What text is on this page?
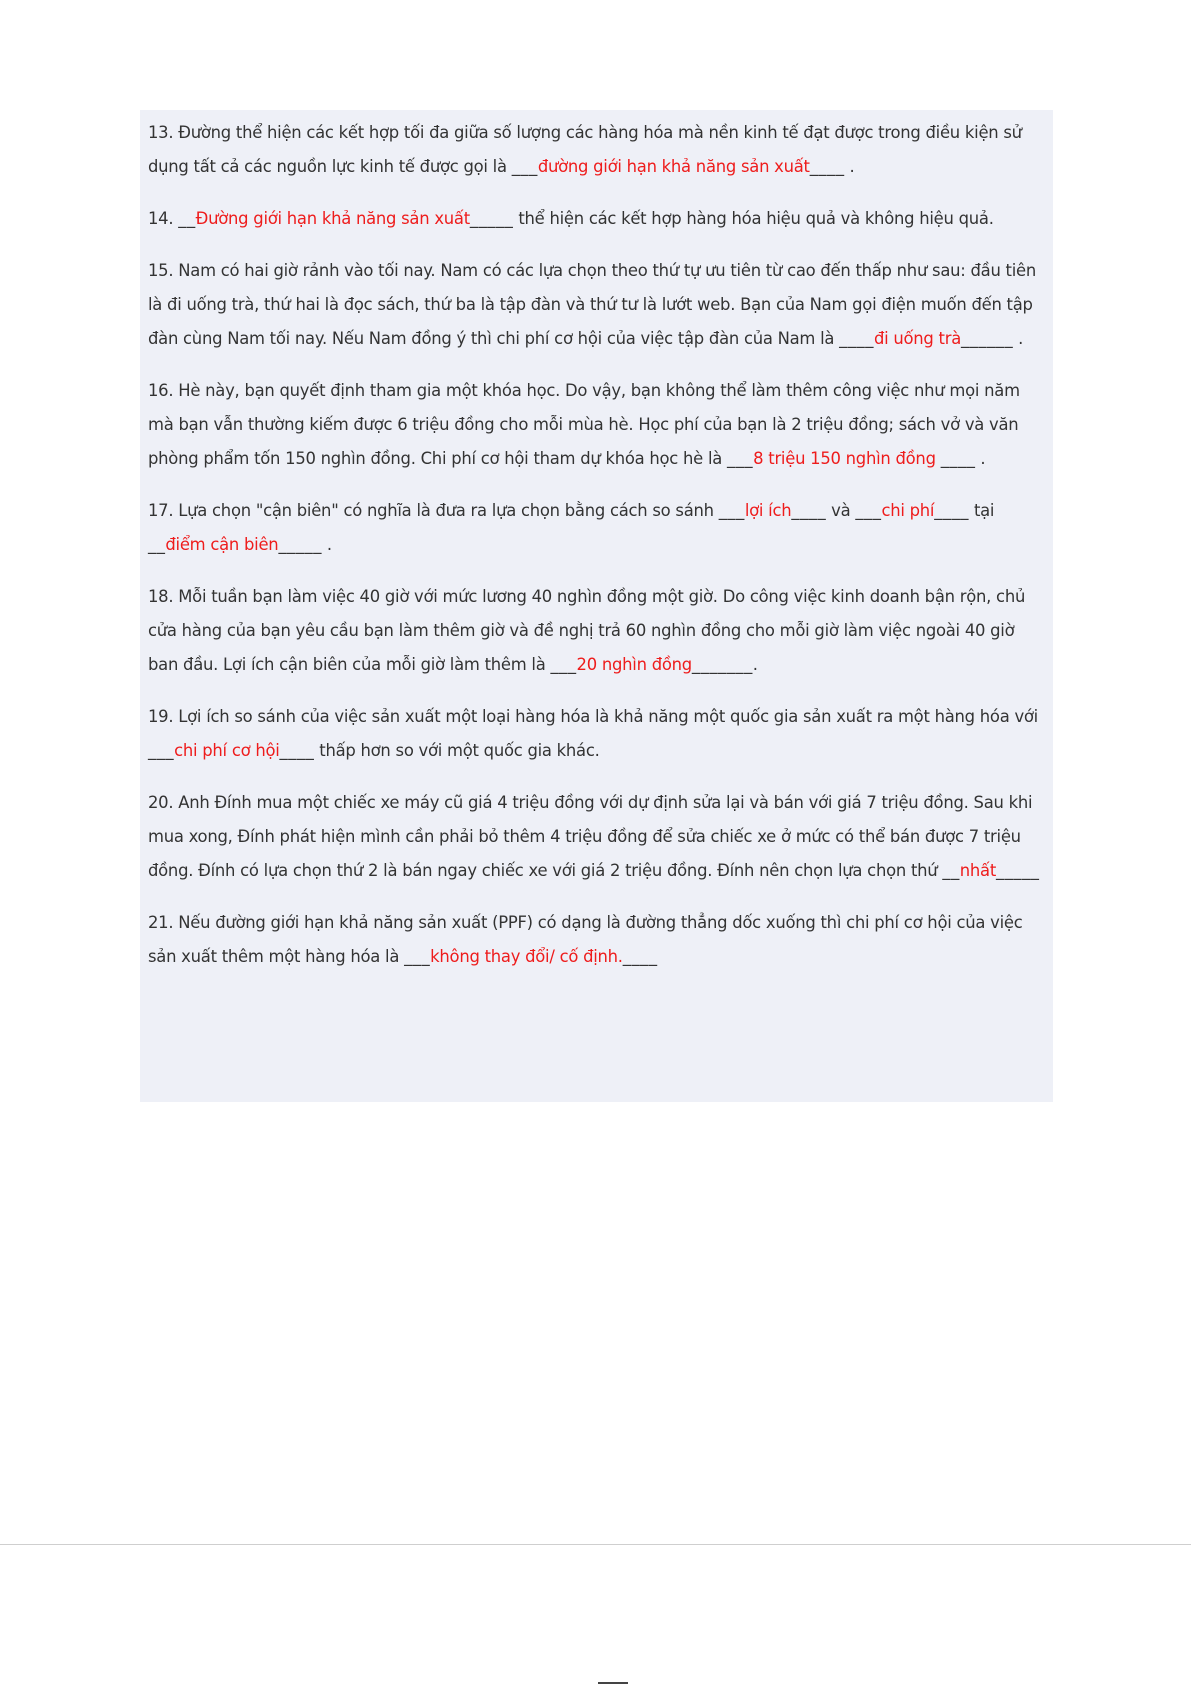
13. Đường thể hiện các kết hợp tối đa giữa số lượng các hàng hóa mà nền kinh tế đạt được trong điều kiện sử dụng tất cả các nguồn lực kinh tế được gọi là ___đường giới hạn khả năng sản xuất____ .

14. __Đường giới hạn khả năng sản xuất_____ thể hiện các kết hợp hàng hóa hiệu quả và không hiệu quả.

15. Nam có hai giờ rảnh vào tối nay. Nam có các lựa chọn theo thứ tự ưu tiên từ cao đến thấp như sau: đầu tiên là đi uống trà, thứ hai là đọc sách, thứ ba là tập đàn và thứ tư là lướt web. Bạn của Nam gọi điện muốn đến tập đàn cùng Nam tối nay. Nếu Nam đồng ý thì chi phí cơ hội của việc tập đàn của Nam là ____đi uống trà______ .

16. Hè này, bạn quyết định tham gia một khóa học. Do vậy, bạn không thể làm thêm công việc như mọi năm mà bạn vẫn thường kiếm được 6 triệu đồng cho mỗi mùa hè. Học phí của bạn là 2 triệu đồng; sách vở và văn phòng phẩm tốn 150 nghìn đồng. Chi phí cơ hội tham dự khóa học hè là ___8 triệu 150 nghìn đồng ____ .

17. Lựa chọn "cận biên" có nghĩa là đưa ra lựa chọn bằng cách so sánh ___lợi ích____ và ___chi phí____ tại __điểm cận biên_____ .

18. Mỗi tuần bạn làm việc 40 giờ với mức lương 40 nghìn đồng một giờ. Do công việc kinh doanh bận rộn, chủ cửa hàng của bạn yêu cầu bạn làm thêm giờ và đề nghị trả 60 nghìn đồng cho mỗi giờ làm việc ngoài 40 giờ ban đầu. Lợi ích cận biên của mỗi giờ làm thêm là ___20 nghìn đồng_______.

19. Lợi ích so sánh của việc sản xuất một loại hàng hóa là khả năng một quốc gia sản xuất ra một hàng hóa với ___chi phí cơ hội____ thấp hơn so với một quốc gia khác.

20. Anh Đính mua một chiếc xe máy cũ giá 4 triệu đồng với dự định sửa lại và bán với giá 7 triệu đồng. Sau khi mua xong, Đính phát hiện mình cần phải bỏ thêm 4 triệu đồng để sửa chiếc xe ở mức có thể bán được 7 triệu đồng. Đính có lựa chọn thứ 2 là bán ngay chiếc xe với giá 2 triệu đồng. Đính nên chọn lựa chọn thứ __nhất_____

21. Nếu đường giới hạn khả năng sản xuất (PPF) có dạng là đường thẳng dốc xuống thì chi phí cơ hội của việc sản xuất thêm một hàng hóa là ___không thay đổi/ cố định.____
